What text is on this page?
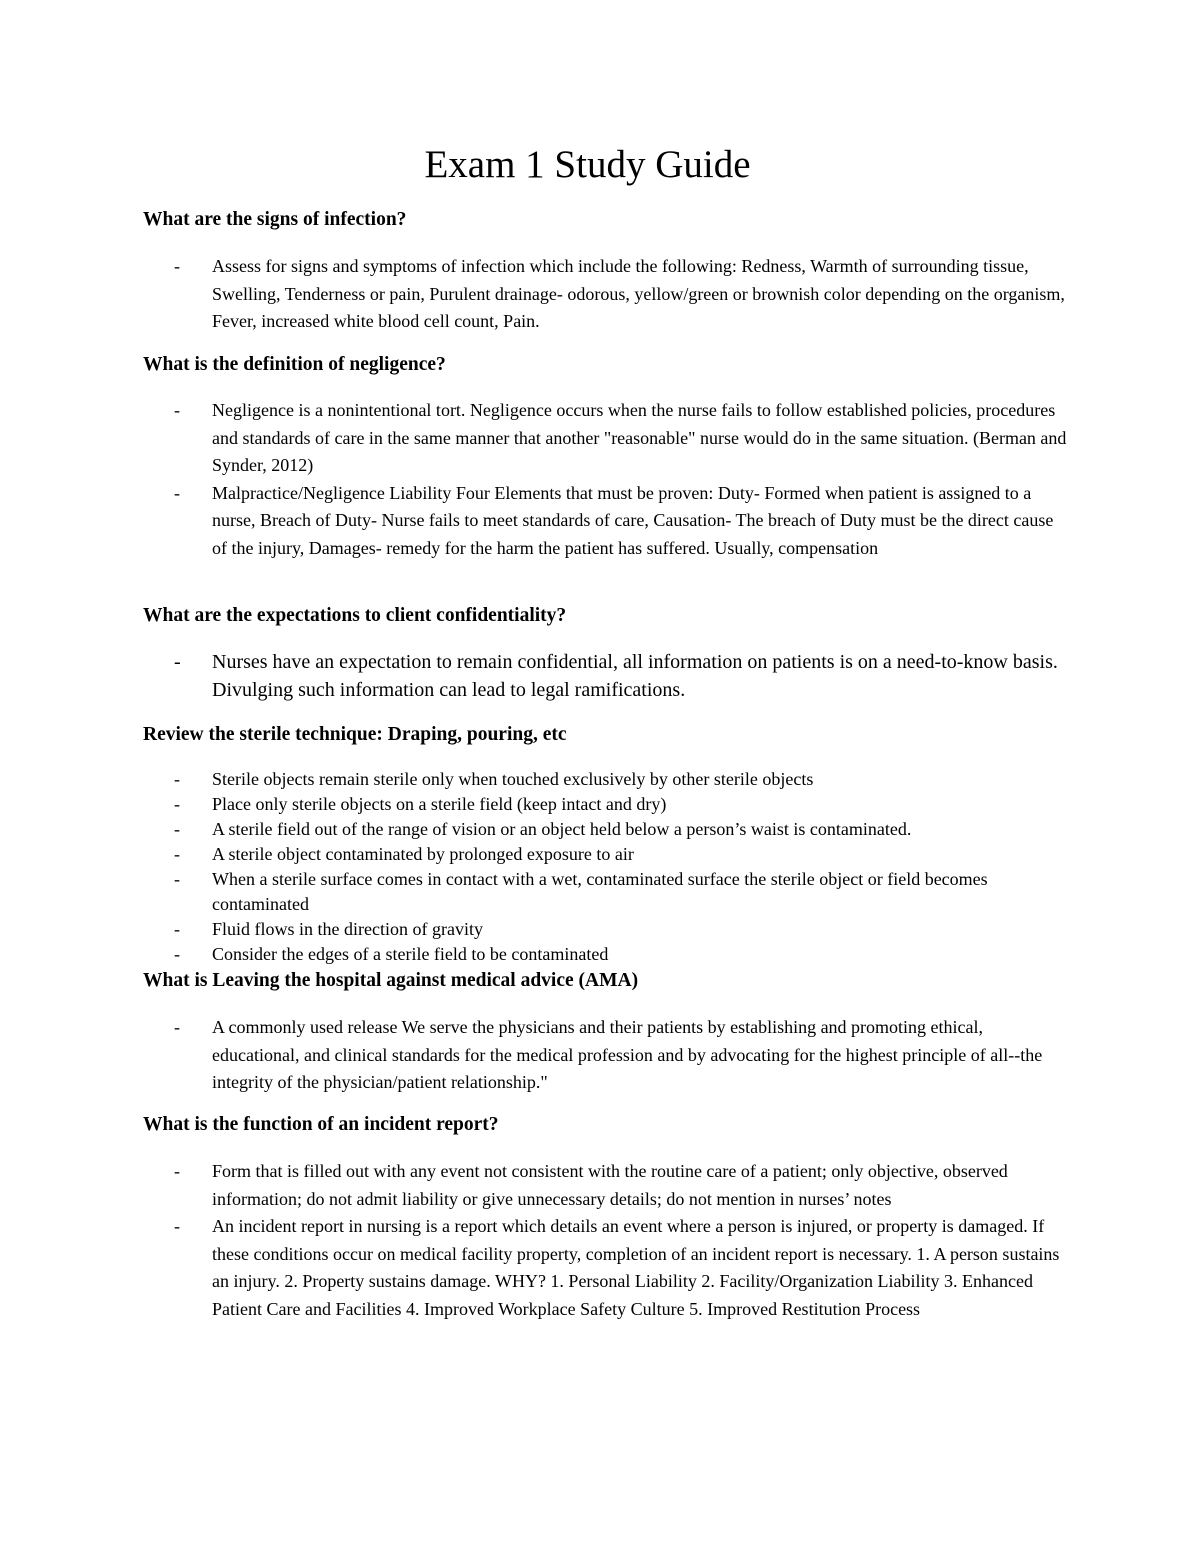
Exam 1 Study Guide
What are the signs of infection?
- Assess for signs and symptoms of infection which include the following: Redness, Warmth of surrounding tissue, Swelling, Tenderness or pain, Purulent drainage- odorous, yellow/green or brownish color depending on the organism, Fever, increased white blood cell count, Pain.
What is the definition of negligence?
- Negligence is a nonintentional tort. Negligence occurs when the nurse fails to follow established policies, procedures and standards of care in the same manner that another "reasonable" nurse would do in the same situation. (Berman and Synder, 2012)
- Malpractice/Negligence Liability Four Elements that must be proven: Duty- Formed when patient is assigned to a nurse, Breach of Duty- Nurse fails to meet standards of care, Causation- The breach of Duty must be the direct cause of the injury, Damages- remedy for the harm the patient has suffered. Usually, compensation
What are the expectations to client confidentiality?
- Nurses have an expectation to remain confidential, all information on patients is on a need-to-know basis. Divulging such information can lead to legal ramifications.
Review the sterile technique: Draping, pouring, etc
- Sterile objects remain sterile only when touched exclusively by other sterile objects
- Place only sterile objects on a sterile field (keep intact and dry)
- A sterile field out of the range of vision or an object held below a person’s waist is contaminated.
- A sterile object contaminated by prolonged exposure to air
- When a sterile surface comes in contact with a wet, contaminated surface the sterile object or field becomes contaminated
- Fluid flows in the direction of gravity
- Consider the edges of a sterile field to be contaminated
What is Leaving the hospital against medical advice (AMA)
- A commonly used release We serve the physicians and their patients by establishing and promoting ethical, educational, and clinical standards for the medical profession and by advocating for the highest principle of all--the integrity of the physician/patient relationship."
What is the function of an incident report?
- Form that is filled out with any event not consistent with the routine care of a patient; only objective, observed information; do not admit liability or give unnecessary details; do not mention in nurses’ notes
- An incident report in nursing is a report which details an event where a person is injured, or property is damaged. If these conditions occur on medical facility property, completion of an incident report is necessary. 1. A person sustains an injury. 2. Property sustains damage. WHY? 1. Personal Liability 2. Facility/Organization Liability 3. Enhanced Patient Care and Facilities 4. Improved Workplace Safety Culture 5. Improved Restitution Process
